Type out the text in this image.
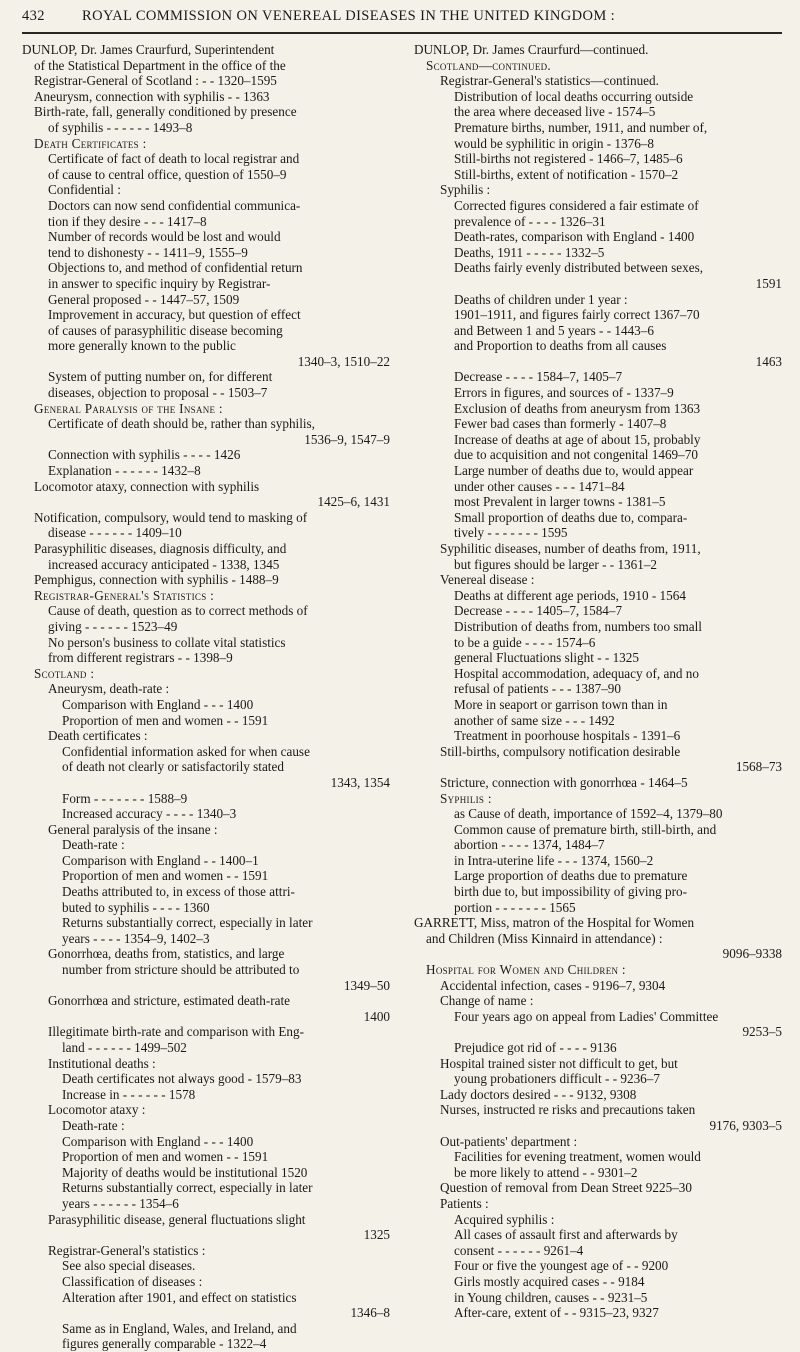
432	ROYAL COMMISSION ON VENEREAL DISEASES IN THE UNITED KINGDOM :
DUNLOP, Dr. James Craurfurd, Superintendent
of the Statistical Department in the office of the
Registrar-General of Scotland : - - 1320–1595
Aneurysm, connection with syphilis - - 1363
Birth-rate, fall, generally conditioned by presence
of syphilis - - - - - - 1493–8
Death Certificates :
Certificate of fact of death to local registrar and
of cause to central office, question of 1550–9
Confidential :
Doctors can now send confidential communica-
tion if they desire - - - 1417–8
Number of records would be lost and would
tend to dishonesty - - 1411–9, 1555–9
Objections to, and method of confidential return
in answer to specific inquiry by Registrar-
General proposed - - 1447–57, 1509
Improvement in accuracy, but question of effect
of causes of parasyphilitic disease becoming
more generally known to the public
1340–3, 1510–22
System of putting number on, for different
diseases, objection to proposal - - 1503–7
General Paralysis of the Insane :
Certificate of death should be, rather than syphilis,
1536–9, 1547–9
Connection with syphilis - - - - 1426
Explanation - - - - - - 1432–8
Locomotor ataxy, connection with syphilis
1425–6, 1431
Notification, compulsory, would tend to masking of
disease - - - - - - 1409–10
Parasyphilitic diseases, diagnosis difficulty, and
increased accuracy anticipated - 1338, 1345
Pemphigus, connection with syphilis - 1488–9
Registrar-General's Statistics :
Cause of death, question as to correct methods of
giving - - - - - - 1523–49
No person's business to collate vital statistics
from different registrars - - 1398–9
Scotland :
Aneurysm, death-rate :
Comparison with England - - - 1400
Proportion of men and women - - 1591
Death certificates :
Confidential information asked for when cause
of death not clearly or satisfactorily stated
1343, 1354
Form - - - - - - - 1588–9
Increased accuracy - - - - 1340–3
General paralysis of the insane :
Death-rate :
Comparison with England - - 1400–1
Proportion of men and women - - 1591
Deaths attributed to, in excess of those attri-
buted to syphilis - - - - 1360
Returns substantially correct, especially in later
years - - - - 1354–9, 1402–3
Gonorrhœa, deaths from, statistics, and large
number from stricture should be attributed to
1349–50
Gonorrhœa and stricture, estimated death-rate
1400
Illegitimate birth-rate and comparison with Eng-
land - - - - - - 1499–502
Institutional deaths :
Death certificates not always good - 1579–83
Increase in - - - - - - 1578
Locomotor ataxy :
Death-rate :
Comparison with England - - - 1400
Proportion of men and women - - 1591
Majority of deaths would be institutional 1520
Returns substantially correct, especially in later
years - - - - - - 1354–6
Parasyphilitic disease, general fluctuations slight
1325
Registrar-General's statistics :
See also special diseases.
Classification of diseases :
Alteration after 1901, and effect on statistics
1346–8
Same as in England, Wales, and Ireland, and
figures generally comparable - 1322–4
DUNLOP, Dr. James Craurfurd—continued.
Scotland—continued.
Registrar-General's statistics—continued.
Distribution of local deaths occurring outside
the area where deceased live - 1574–5
Premature births, number, 1911, and number of,
would be syphilitic in origin - 1376–8
Still-births not registered - 1466–7, 1485–6
Still-births, extent of notification - 1570–2
Syphilis :
Corrected figures considered a fair estimate of
prevalence of - - - - 1326–31
Death-rates, comparison with England - 1400
Deaths, 1911 - - - - - 1332–5
Deaths fairly evenly distributed between sexes,
1591
Deaths of children under 1 year :
1901–1911, and figures fairly correct 1367–70
and Between 1 and 5 years - - 1443–6
and Proportion to deaths from all causes
1463
Decrease - - - - 1584–7, 1405–7
Errors in figures, and sources of - 1337–9
Exclusion of deaths from aneurysm from 1363
Fewer bad cases than formerly - 1407–8
Increase of deaths at age of about 15, probably
due to acquisition and not congenital 1469–70
Large number of deaths due to, would appear
under other causes - - - 1471–84
most Prevalent in larger towns - 1381–5
Small proportion of deaths due to, compara-
tively - - - - - - - 1595
Syphilitic diseases, number of deaths from, 1911,
but figures should be larger - - 1361–2
Venereal disease :
Deaths at different age periods, 1910 - 1564
Decrease - - - - 1405–7, 1584–7
Distribution of deaths from, numbers too small
to be a guide - - - - 1574–6
general Fluctuations slight - - 1325
Hospital accommodation, adequacy of, and no
refusal of patients - - - 1387–90
More in seaport or garrison town than in
another of same size - - - 1492
Treatment in poorhouse hospitals - 1391–6
Still-births, compulsory notification desirable
1568–73
Stricture, connection with gonorrhœa - 1464–5
Syphilis :
as Cause of death, importance of 1592–4, 1379–80
Common cause of premature birth, still-birth, and
abortion - - - - 1374, 1484–7
in Intra-uterine life - - - 1374, 1560–2
Large proportion of deaths due to premature
birth due to, but impossibility of giving pro-
portion - - - - - - - 1565
GARRETT, Miss, matron of the Hospital for Women
and Children (Miss Kinnaird in attendance) :
9096–9338
Hospital for Women and Children :
Accidental infection, cases - 9196–7, 9304
Change of name :
Four years ago on appeal from Ladies' Committee
9253–5
Prejudice got rid of - - - - 9136
Hospital trained sister not difficult to get, but
young probationers difficult - - 9236–7
Lady doctors desired - - - 9132, 9308
Nurses, instructed re risks and precautions taken
9176, 9303–5
Out-patients' department :
Facilities for evening treatment, women would
be more likely to attend - - 9301–2
Question of removal from Dean Street 9225–30
Patients :
Acquired syphilis :
All cases of assault first and afterwards by
consent - - - - - - 9261–4
Four or five the youngest age of - - 9200
Girls mostly acquired cases - - 9184
in Young children, causes - - 9231–5
After-care, extent of - - 9315–23, 9327
